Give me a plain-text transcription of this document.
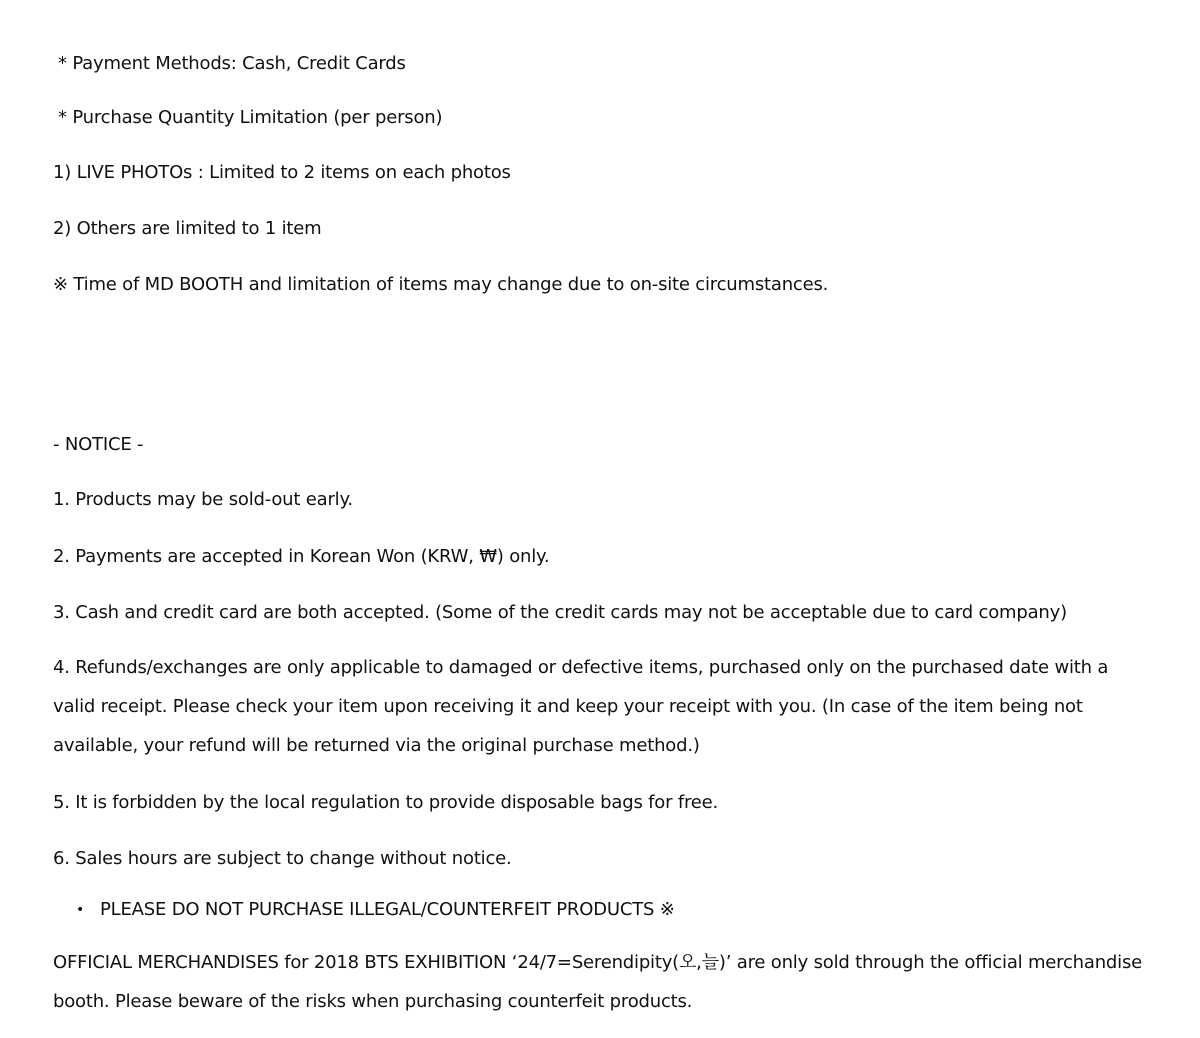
* Payment Methods: Cash, Credit Cards
* Purchase Quantity Limitation (per person)
1) LIVE PHOTOs : Limited to 2 items on each photos
2) Others are limited to 1 item
※ Time of MD BOOTH and limitation of items may change due to on-site circumstances.
- NOTICE -
1. Products may be sold-out early.
2. Payments are accepted in Korean Won (KRW, ₩) only.
3. Cash and credit card are both accepted. (Some of the credit cards may not be acceptable due to card company)
4. Refunds/exchanges are only applicable to damaged or defective items, purchased only on the purchased date with a valid receipt. Please check your item upon receiving it and keep your receipt with you. (In case of the item being not available, your refund will be returned via the original purchase method.)
5. It is forbidden by the local regulation to provide disposable bags for free.
6. Sales hours are subject to change without notice.
• PLEASE DO NOT PURCHASE ILLEGAL/COUNTERFEIT PRODUCTS ※
OFFICIAL MERCHANDISES for 2018 BTS EXHIBITION ‘24/7=Serendipity(오,늘)’ are only sold through the official merchandise booth. Please beware of the risks when purchasing counterfeit products.
